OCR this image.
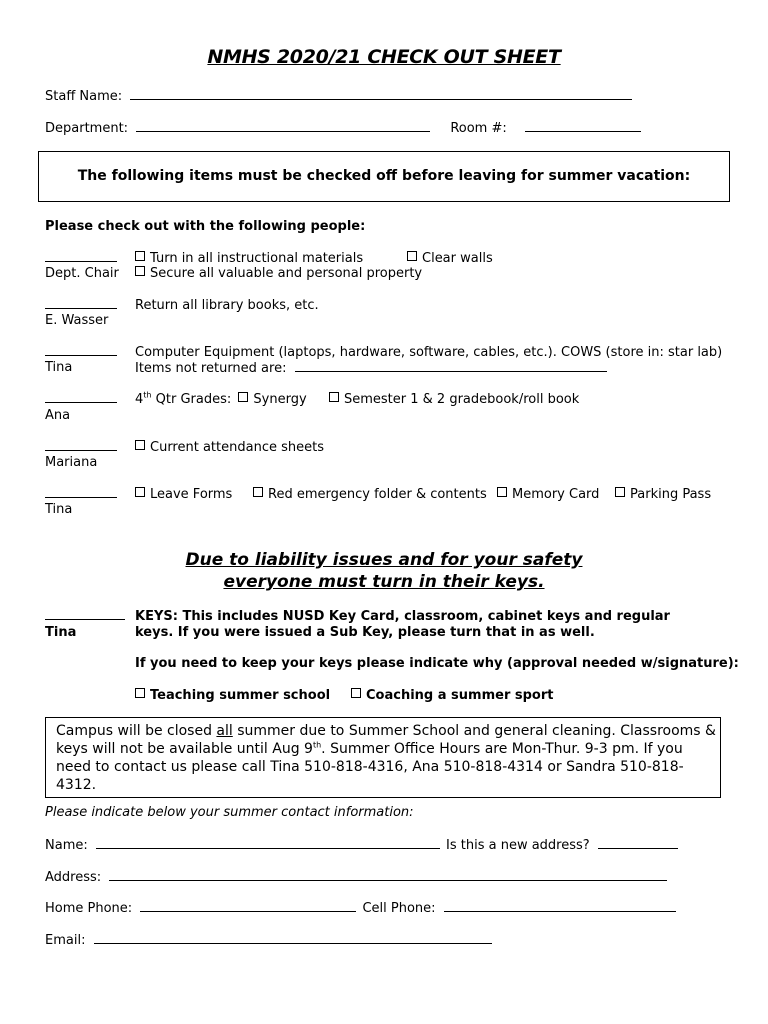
NMHS 2020/21 CHECK OUT SHEET
Staff Name:
Department:	Room #:
The following items must be checked off before leaving for summer vacation:
Please check out with the following people:
Dept. Chair
Turn in all instructional materials	Clear walls
Secure all valuable and personal property
E. Wasser
Return all library books, etc.
Tina
Computer Equipment (laptops, hardware, software, cables, etc.). COWS (store in: star lab)
Items not returned are:
Ana
4th Qtr Grades: Synergy	Semester 1 & 2 gradebook/roll book
Mariana
Current attendance sheets
Tina
Leave Forms	Red emergency folder & contents	Memory Card	Parking Pass
Due to liability issues and for your safety
everyone must turn in their keys.
Tina
KEYS: This includes NUSD Key Card, classroom, cabinet keys and regular
keys. If you were issued a Sub Key, please turn that in as well.
If you need to keep your keys please indicate why (approval needed w/signature):
Teaching summer school	Coaching a summer sport
Campus will be closed all summer due to Summer School and general cleaning. Classrooms &
keys will not be available until Aug 9th. Summer Office Hours are Mon-Thur. 9-3 pm. If you
need to contact us please call Tina 510-818-4316, Ana 510-818-4314 or Sandra 510-818-
4312.
Please indicate below your summer contact information:
Name:	Is this a new address?
Address:
Home Phone:	Cell Phone:
Email:
